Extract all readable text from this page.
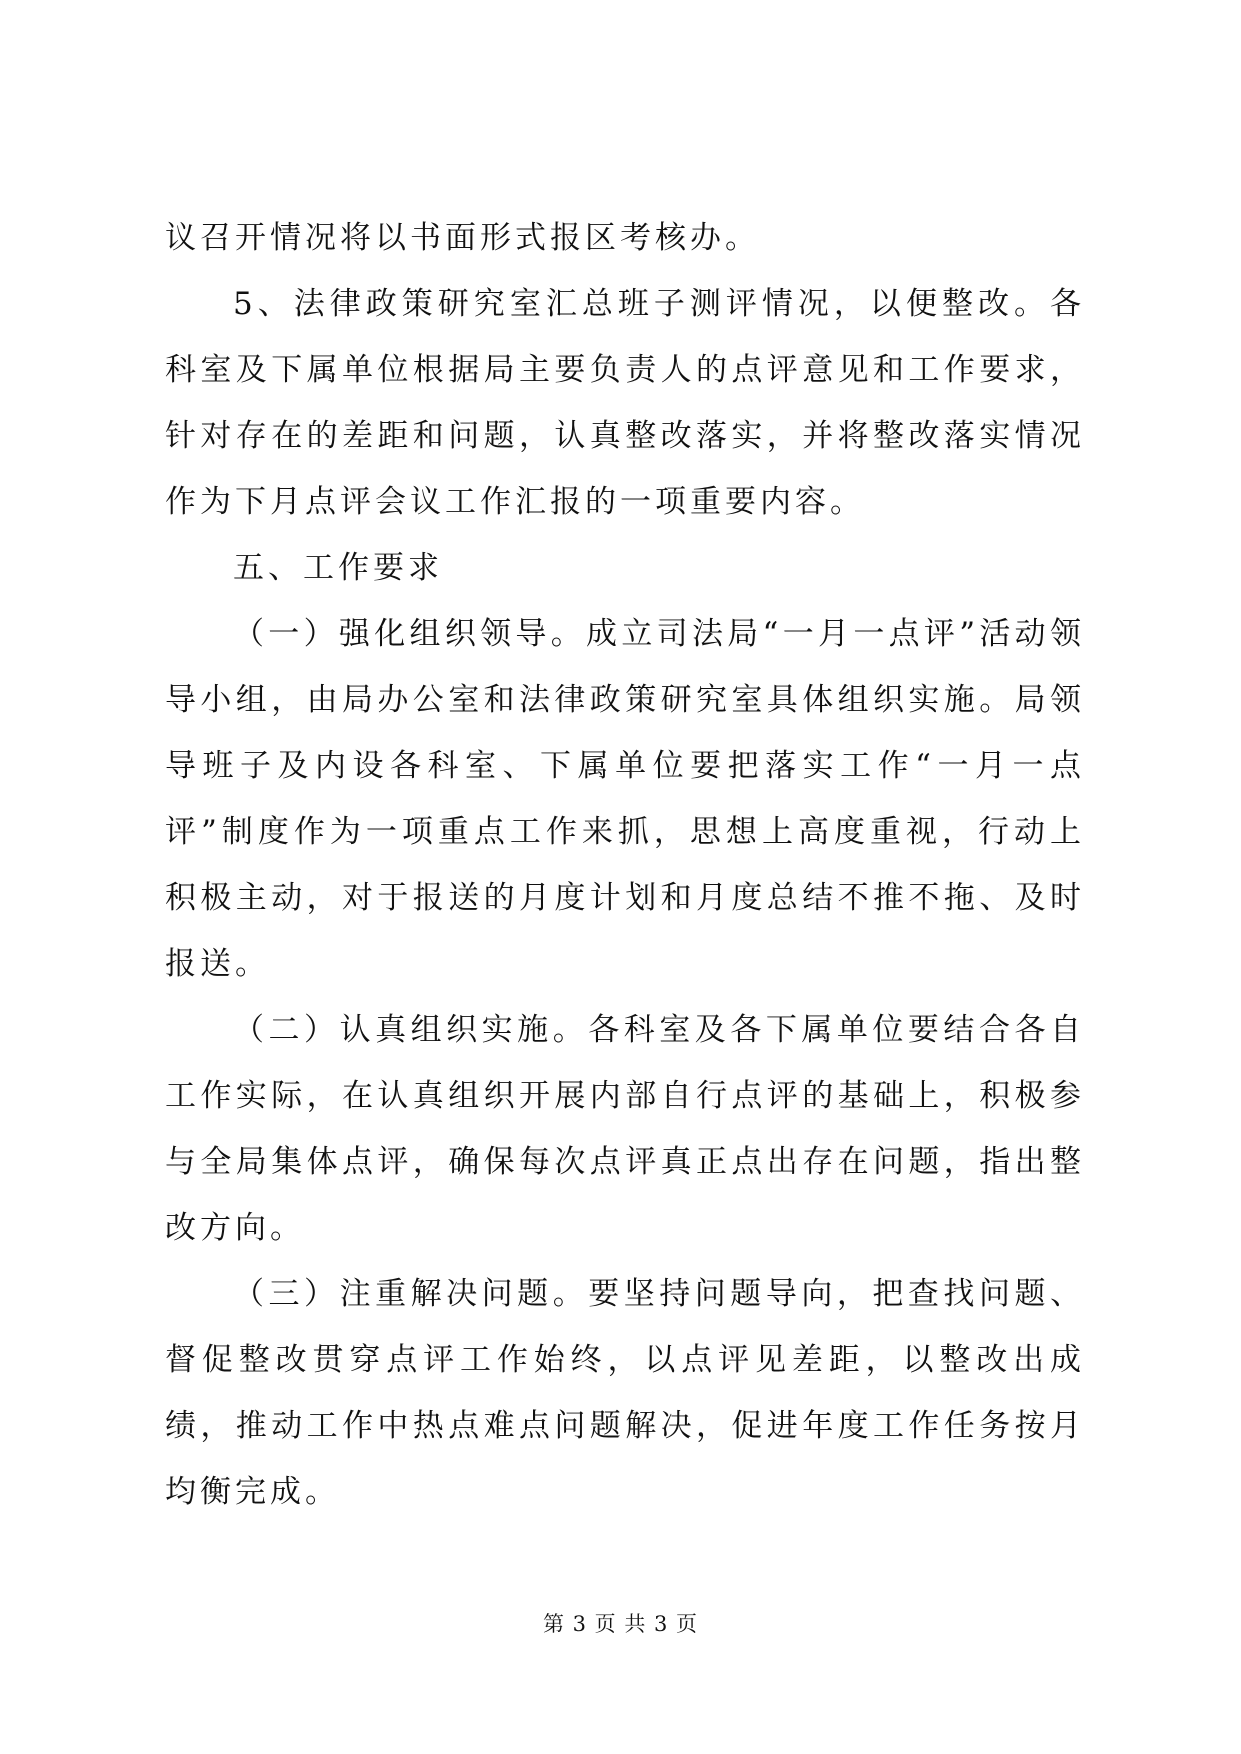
议召开情况将以书面形式报区考核办。

5、法律政策研究室汇总班子测评情况，以便整改。各科室及下属单位根据局主要负责人的点评意见和工作要求，针对存在的差距和问题，认真整改落实，并将整改落实情况作为下月点评会议工作汇报的一项重要内容。

五、工作要求

（一）强化组织领导。成立司法局“一月一点评”活动领导小组，由局办公室和法律政策研究室具体组织实施。局领导班子及内设各科室、下属单位要把落实工作“一月一点评”制度作为一项重点工作来抓，思想上高度重视，行动上积极主动，对于报送的月度计划和月度总结不推不拖、及时报送。

（二）认真组织实施。各科室及各下属单位要结合各自工作实际，在认真组织开展内部自行点评的基础上，积极参与全局集体点评，确保每次点评真正点出存在问题，指出整改方向。

（三）注重解决问题。要坚持问题导向，把查找问题、督促整改贯穿点评工作始终，以点评见差距，以整改出成绩，推动工作中热点难点问题解决，促进年度工作任务按月均衡完成。

第 3 页 共 3 页
